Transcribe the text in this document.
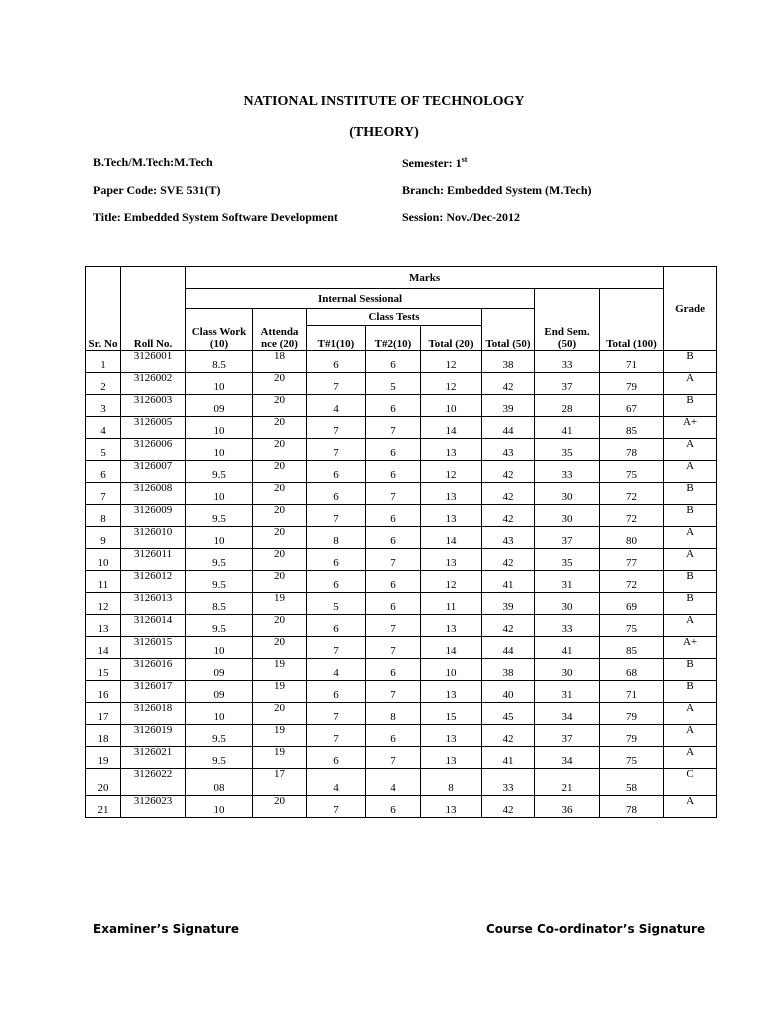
NATIONAL INSTITUTE OF TECHNOLOGY
(THEORY)
B.Tech/M.Tech:M.Tech	Semester: 1st
Paper Code: SVE 531(T)	Branch: Embedded System (M.Tech)
Title: Embedded System Software Development	Session: Nov./Dec-2012
Sr. No	Roll No.	Marks								Grade
		Internal Sessional						End Sem. (50)	Total (100)	
		Class Work (10)	Attenda nce (20)	Class Tests			Total (50)			
				T#1(10)	T#2(10)	Total (20)				
1	3126001	8.5	18	6	6	12	38	33	71	B
2	3126002	10	20	7	5	12	42	37	79	A
3	3126003	09	20	4	6	10	39	28	67	B
4	3126005	10	20	7	7	14	44	41	85	A+
5	3126006	10	20	7	6	13	43	35	78	A
6	3126007	9.5	20	6	6	12	42	33	75	A
7	3126008	10	20	6	7	13	42	30	72	B
8	3126009	9.5	20	7	6	13	42	30	72	B
9	3126010	10	20	8	6	14	43	37	80	A
10	3126011	9.5	20	6	7	13	42	35	77	A
11	3126012	9.5	20	6	6	12	41	31	72	B
12	3126013	8.5	19	5	6	11	39	30	69	B
13	3126014	9.5	20	6	7	13	42	33	75	A
14	3126015	10	20	7	7	14	44	41	85	A+
15	3126016	09	19	4	6	10	38	30	68	B
16	3126017	09	19	6	7	13	40	31	71	B
17	3126018	10	20	7	8	15	45	34	79	A
18	3126019	9.5	19	7	6	13	42	37	79	A
19	3126021	9.5	19	6	7	13	41	34	75	A
20	3126022	08	17	4	4	8	33	21	58	C
21	3126023	10	20	7	6	13	42	36	78	A
Examiner’s Signature	Course Co-ordinator’s Signature
